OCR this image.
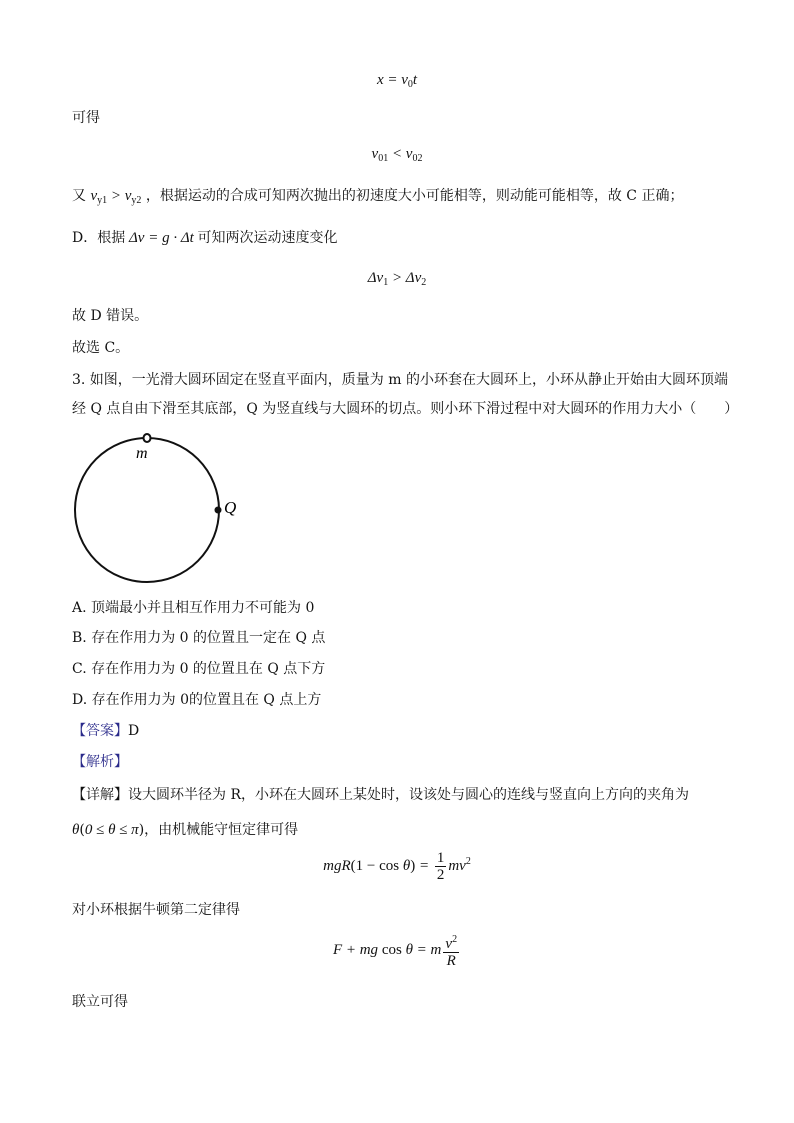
$x = v_0t$
可得
$v_{01} < v_{02}$
又 $v_{y1} > v_{y2}$ ，根据运动的合成可知两次抛出的初速度大小可能相等，则动能可能相等，故 C 正确；
D．根据 Δv = g · Δt 可知两次运动速度变化
$\Delta v_1 > \Delta v_2$
故 D 错误。
故选 C。
3. 如图，一光滑大圆环固定在竖直平面内，质量为 m 的小环套在大圆环上，小环从静止开始由大圆环顶端
经 Q 点自由下滑至其底部，Q 为竖直线与大圆环的切点。则小环下滑过程中对大圆环的作用力大小（　　）
m
Q
A. 顶端最小并且相互作用力不可能为 0
B. 存在作用力为 0 的位置且一定在 Q 点
C. 存在作用力为 0 的位置且在 Q 点下方
D. 存在作用力为 0的位置且在 Q 点上方
【答案】D
【解析】
【详解】设大圆环半径为 R，小环在大圆环上某处时，设该处与圆心的连线与竖直向上方向的夹角为
θ(0 ≤ θ ≤ π)，由机械能守恒定律可得
$mgR(1 - \cos \theta) = \frac{1}{2} mv^2$
对小环根据牛顿第二定律得
F + mg cos θ = m $\frac{v^2}{R}$
联立可得
